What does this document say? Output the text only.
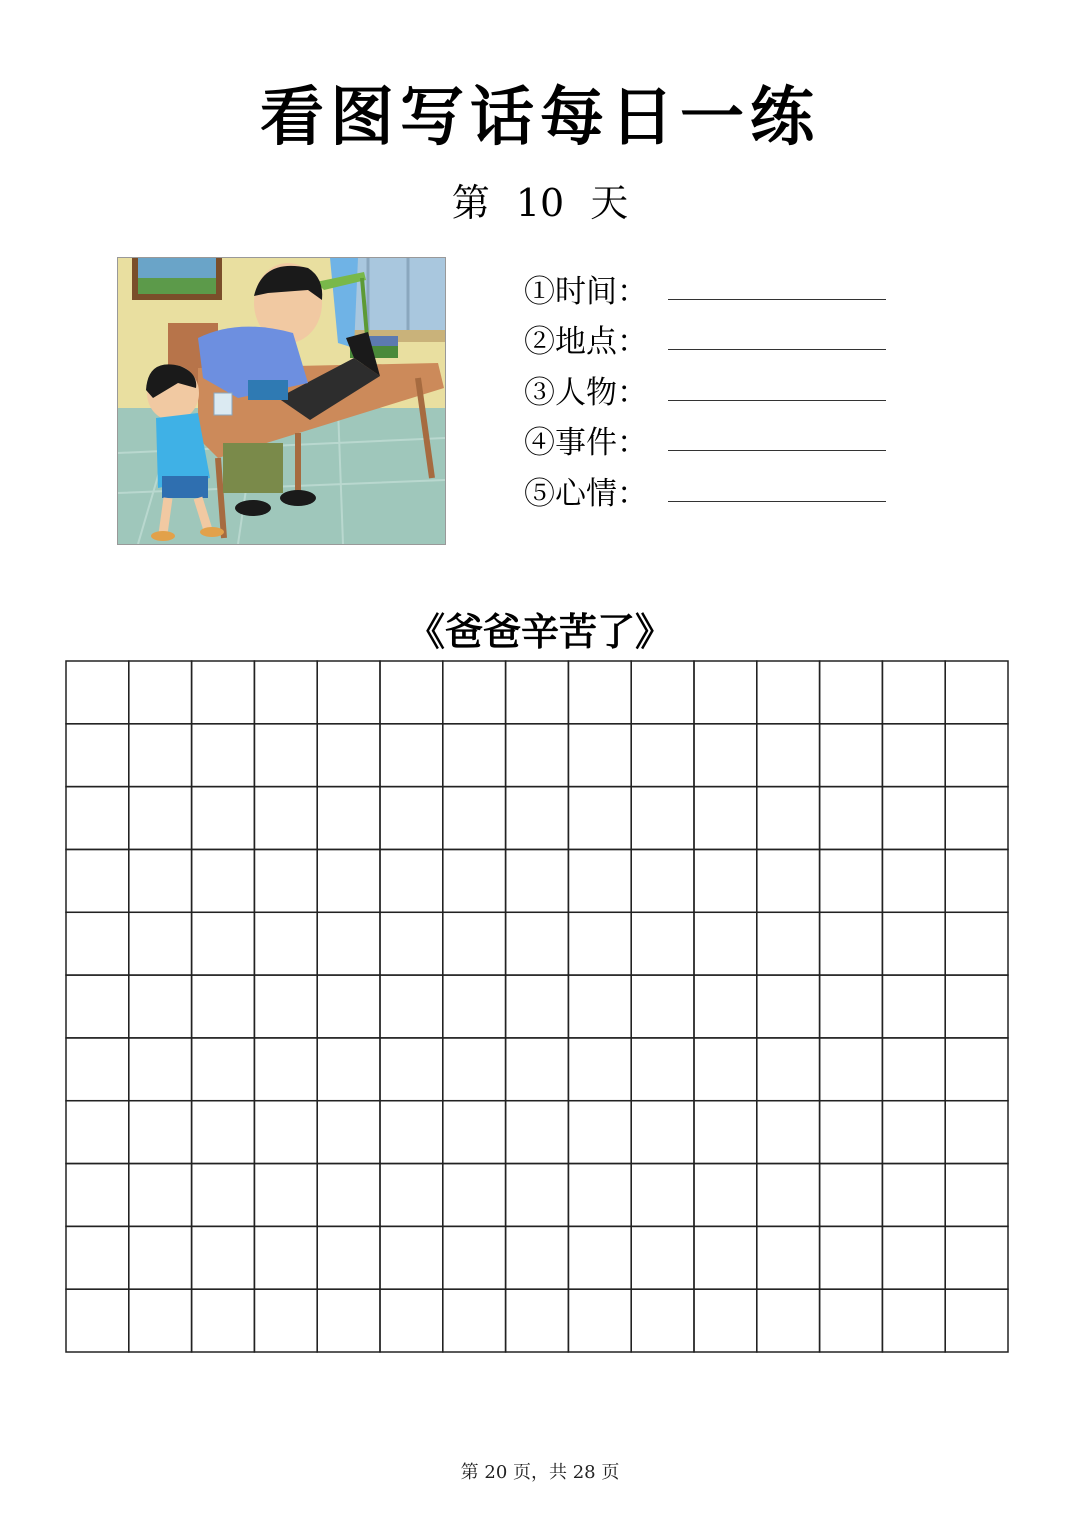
看图写话每日一练
第 10 天
①时间：
②地点：
③人物：
④事件：
⑤心情：
《爸爸辛苦了》
第 20 页，共 28 页
